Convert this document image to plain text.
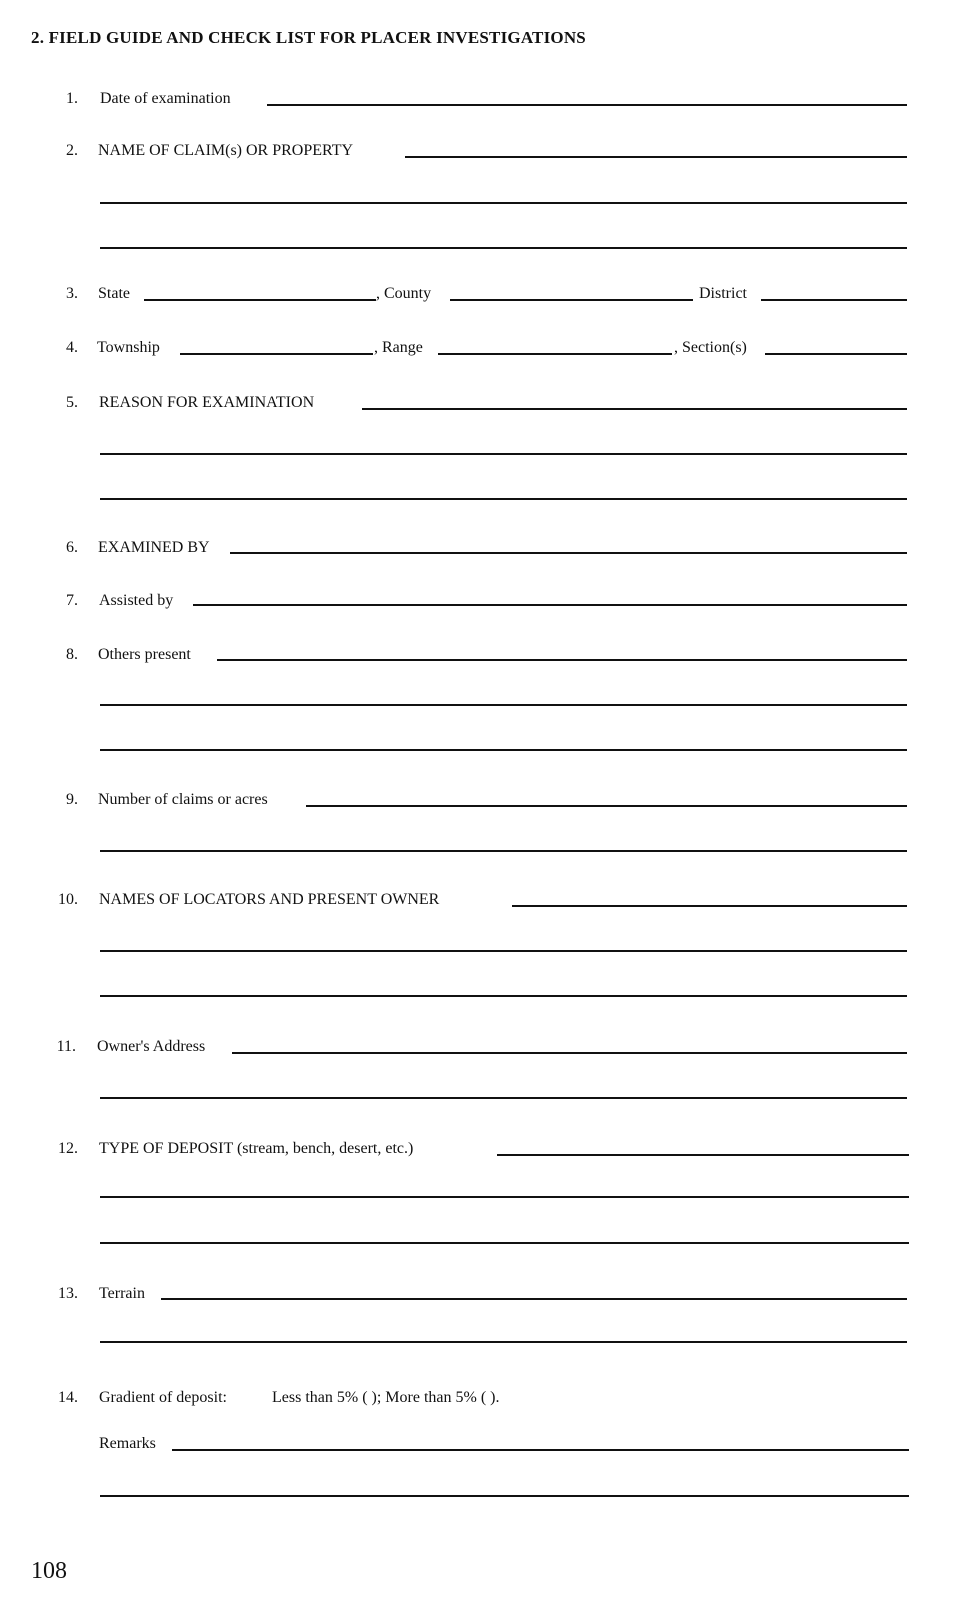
2. FIELD GUIDE AND CHECK LIST FOR PLACER INVESTIGATIONS
1. Date of examination
2. NAME OF CLAIM(s) OR PROPERTY
3. State	, County	District
4. Township	, Range	, Section(s)
5. REASON FOR EXAMINATION
6. EXAMINED BY
7. Assisted by
8. Others present
9. Number of claims or acres
10. NAMES OF LOCATORS AND PRESENT OWNER
11. Owner's Address
12. TYPE OF DEPOSIT (stream, bench, desert, etc.)
13. Terrain
14. Gradient of deposit:	Less than 5% ( ); More than 5% ( ).
Remarks
108
